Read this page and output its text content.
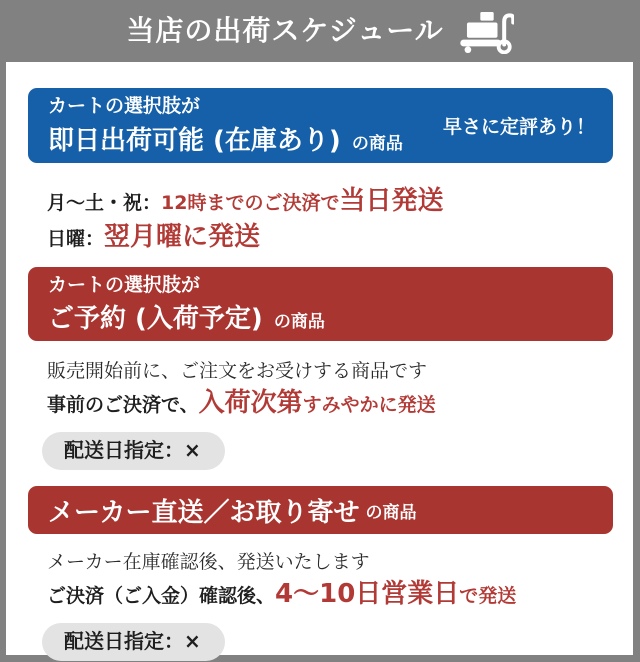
当店の出荷スケジュール
カートの選択肢が
即日出荷可能 (在庫あり) の商品
早さに定評あり！
月〜土・祝：12時までのご決済で当日発送
日曜：翌月曜に発送
カートの選択肢が
ご予約 (入荷予定) の商品
販売開始前に、ご注文をお受けする商品です
事前のご決済で、入荷次第すみやかに発送
配送日指定：×
メーカー直送／お取り寄せ の商品
メーカー在庫確認後、発送いたします
ご決済（ご入金）確認後、4〜10日営業日で発送
配送日指定：×
